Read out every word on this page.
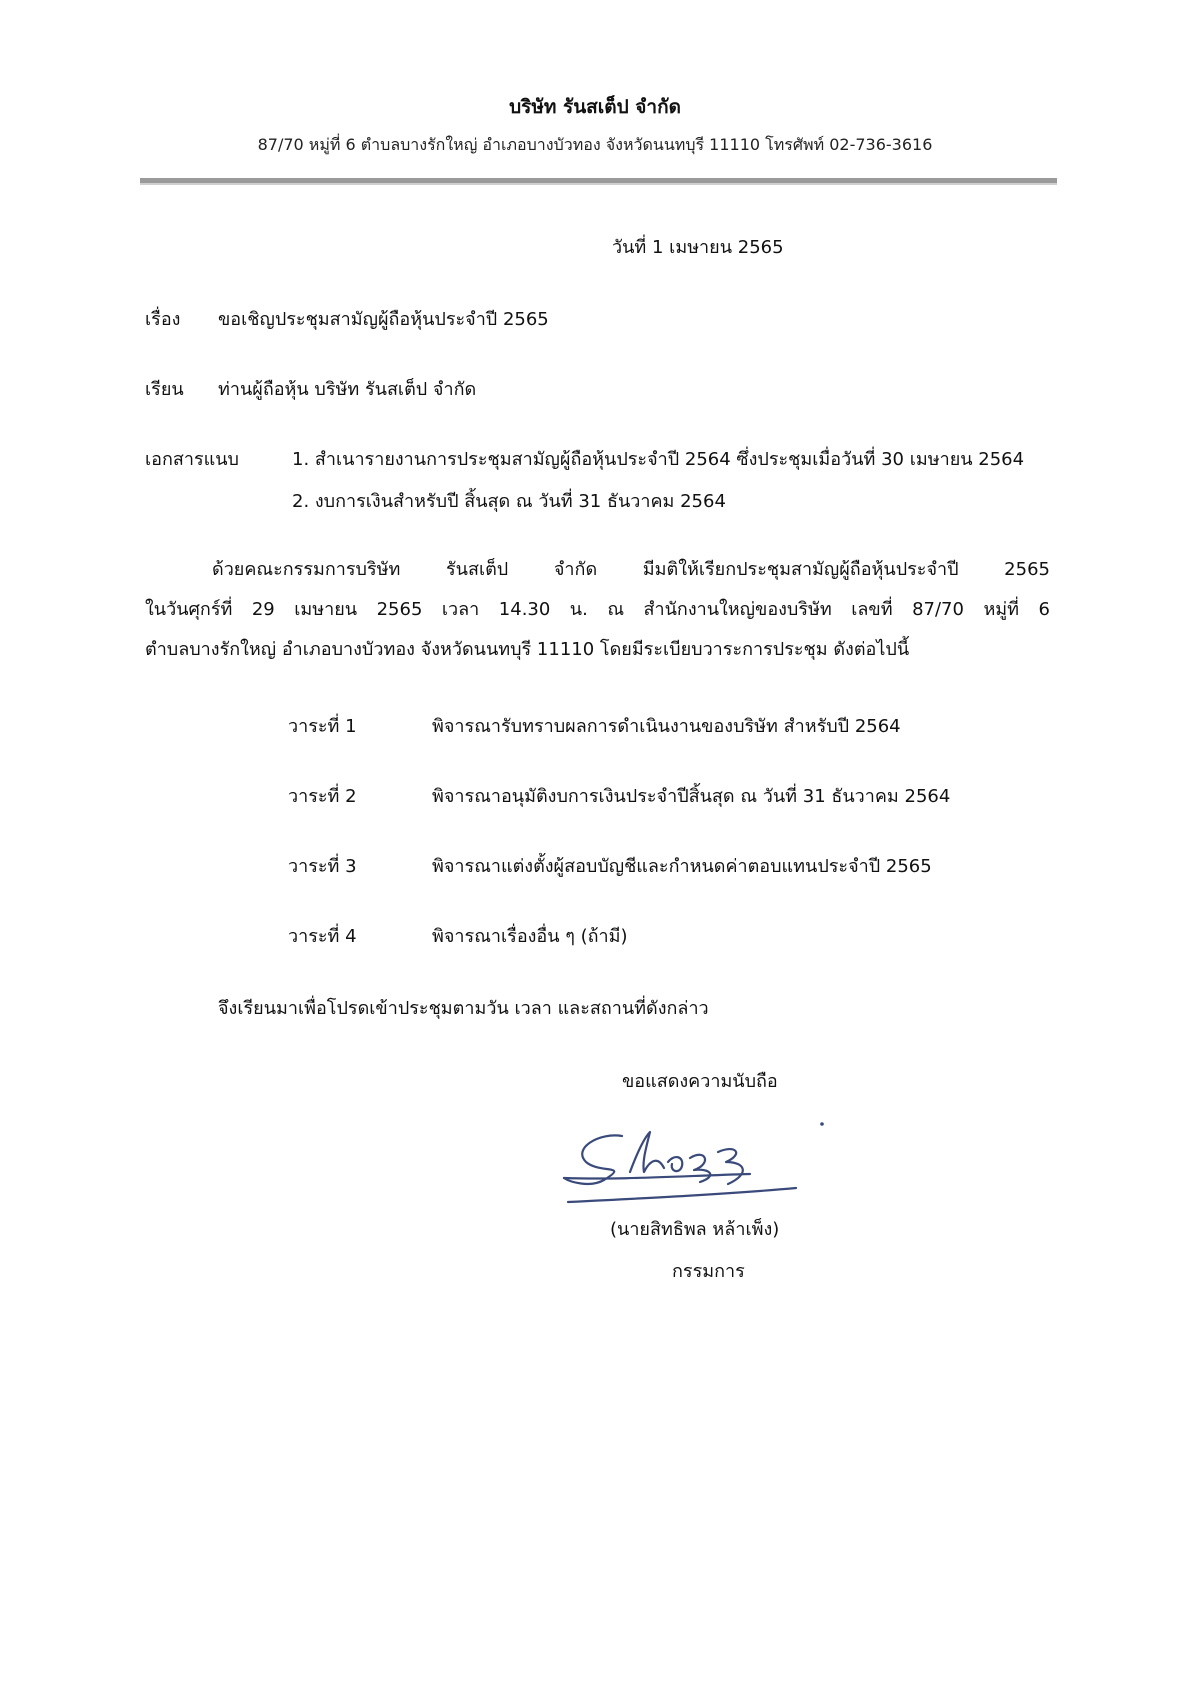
บริษัท รันสเต็ป จำกัด
87/70 หมู่ที่ 6 ตำบลบางรักใหญ่ อำเภอบางบัวทอง จังหวัดนนทบุรี 11110 โทรศัพท์ 02-736-3616
วันที่ 1 เมษายน 2565
เรื่อง ขอเชิญประชุมสามัญผู้ถือหุ้นประจำปี 2565
เรียน ท่านผู้ถือหุ้น บริษัท รันสเต็ป จำกัด
เอกสารแนบ	1. สำเนารายงานการประชุมสามัญผู้ถือหุ้นประจำปี 2564 ซึ่งประชุมเมื่อวันที่ 30 เมษายน 2564
2. งบการเงินสำหรับปี สิ้นสุด ณ วันที่ 31 ธันวาคม 2564
ด้วยคณะกรรมการบริษัท รันสเต็ป จำกัด มีมติให้เรียกประชุมสามัญผู้ถือหุ้นประจำปี 2565
ในวันศุกร์ที่ 29 เมษายน 2565 เวลา 14.30 น. ณ สำนักงานใหญ่ของบริษัท เลขที่ 87/70 หมู่ที่ 6
ตำบลบางรักใหญ่ อำเภอบางบัวทอง จังหวัดนนทบุรี 11110 โดยมีระเบียบวาระการประชุม ดังต่อไปนี้
วาระที่ 1	พิจารณารับทราบผลการดำเนินงานของบริษัท สำหรับปี 2564
วาระที่ 2	พิจารณาอนุมัติงบการเงินประจำปีสิ้นสุด ณ วันที่ 31 ธันวาคม 2564
วาระที่ 3	พิจารณาแต่งตั้งผู้สอบบัญชีและกำหนดค่าตอบแทนประจำปี 2565
วาระที่ 4	พิจารณาเรื่องอื่น ๆ (ถ้ามี)
จึงเรียนมาเพื่อโปรดเข้าประชุมตามวัน เวลา และสถานที่ดังกล่าว
ขอแสดงความนับถือ
(นายสิทธิพล หล้าเพ็ง)
กรรมการ
